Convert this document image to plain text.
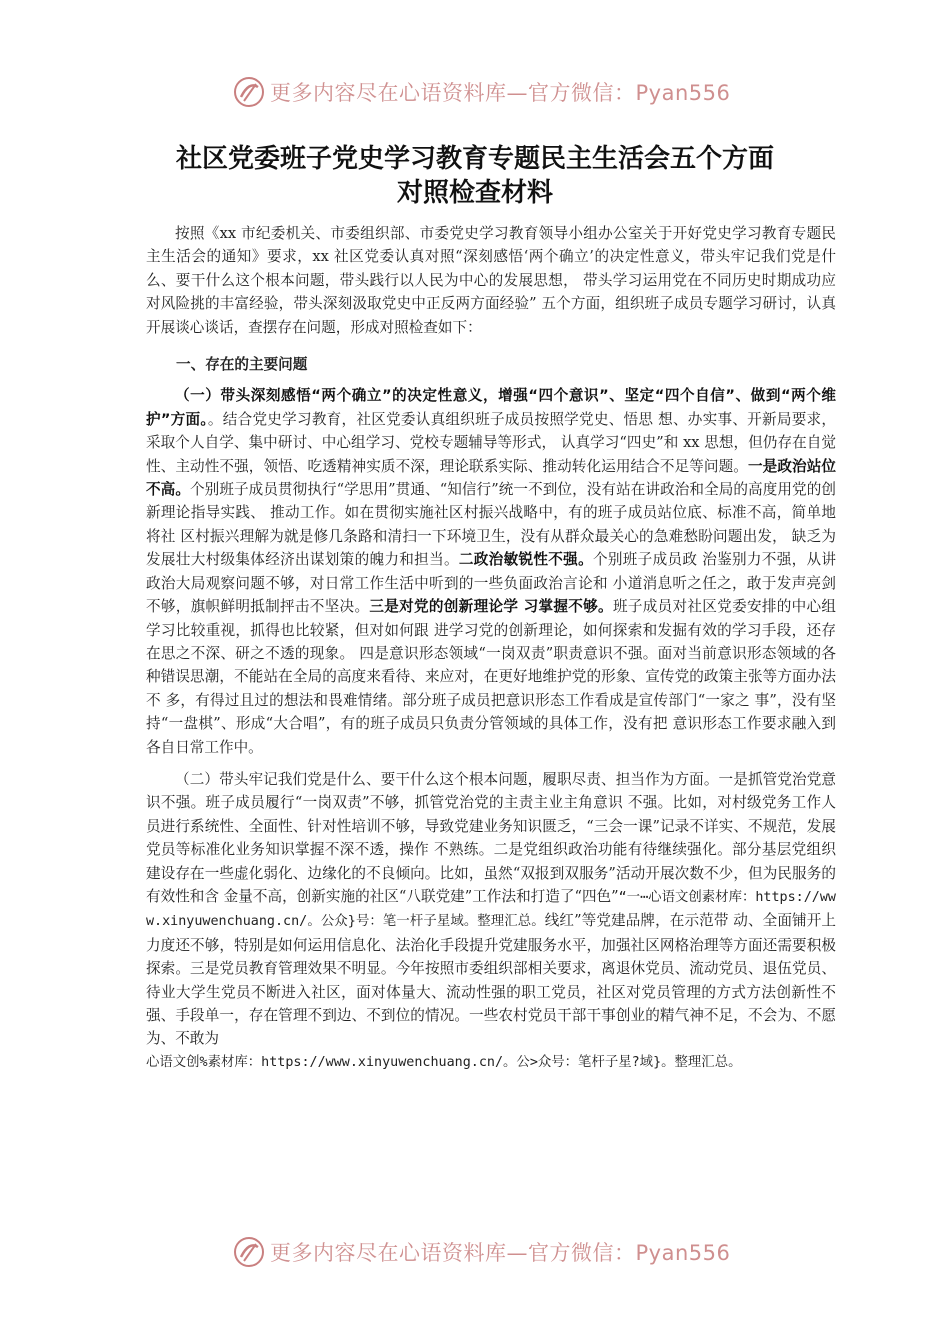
更多内容尽在心语资料库—官方微信：Pyan556
社区党委班子党史学习教育专题民主生活会五个方面
对照检查材料

按照《xx 市纪委机关、市委组织部、市委党史学习教育领导小组办公室关于开好党史学习教育专题民主生活会的通知》要求，xx 社区党委认真对照“深刻感悟‘两个确立’的决定性意义，带头牢记我们党是什么、要干什么这个根本问题，带头践行以人民为中心的发展思想， 带头学习运用党在不同历史时期成功应对风险挑的丰富经验，带头深刻汲取党史中正反两方面经验” 五个方面，组织班子成员专题学习研讨，认真开展谈心谈话，查摆存在问题，形成对照检查如下：

一、存在的主要问题

（一）带头深刻感悟“两个确立”的决定性意义，增强“四个意识”、坚定“四个自信”、做到“两个维护”方面。。结合党史学习教育，社区党委认真组织班子成员按照学党史、悟思 想、办实事、开新局要求，采取个人自学、集中研讨、中心组学习、党校专题辅导等形式， 认真学习“四史”和 xx 思想，但仍存在自觉性、主动性不强，领悟、吃透精神实质不深，理论联系实际、推动转化运用结合不足等问题。一是政治站位不高。个别班子成员贯彻执行“学思用”贯通、“知信行”统一不到位，没有站在讲政治和全局的高度用党的创新理论指导实践、 推动工作。如在贯彻实施社区村振兴战略中，有的班子成员站位底、标准不高，简单地将社 区村振兴理解为就是修几条路和清扫一下环境卫生，没有从群众最关心的急难愁盼问题出发， 缺乏为发展壮大村级集体经济出谋划策的魄力和担当。二政治敏锐性不强。个别班子成员政 治鉴别力不强，从讲政治大局观察问题不够，对日常工作生活中听到的一些负面政治言论和 小道消息听之任之，敢于发声亮剑不够，旗帜鲜明抵制抨击不坚决。三是对党的创新理论学 习掌握不够。班子成员对社区党委安排的中心组学习比较重视，抓得也比较紧，但对如何跟 进学习党的创新理论，如何探索和发掘有效的学习手段，还存在思之不深、研之不透的现象。 四是意识形态领域“一岗双责”职责意识不强。面对当前意识形态领域的各种错误思潮，不能站在全局的高度来看待、来应对，在更好地维护党的形象、宣传党的政策主张等方面办法不 多，有得过且过的想法和畏难情绪。部分班子成员把意识形态工作看成是宣传部门“一家之 事”，没有坚持“一盘棋”、形成“大合唱”，有的班子成员只负责分管领域的具体工作，没有把 意识形态工作要求融入到各自日常工作中。

（二）带头牢记我们党是什么、要干什么这个根本问题，履职尽责、担当作为方面。一是抓管党治党意识不强。班子成员履行“一岗双责”不够，抓管党治党的主责主业主角意识 不强。比如，对村级党务工作人员进行系统性、全面性、针对性培训不够，导致党建业务知识匮乏，“三会一课”记录不详实、不规范，发展党员等标准化业务知识掌握不深不透，操作 不熟练。二是党组织政治功能有待继续强化。部分基层党组织建设存在一些虚化弱化、边缘化的不良倾向。比如，虽然“双报到双服务”活动开展次数不少，但为民服务的有效性和含 金量不高，创新实施的社区“八联党建”工作法和打造了“四色”“一⋯心语文创素材库：https://www.xinyuwenchuang.cn/。公众}号：笔一杆子星域。整理汇总。线红”等党建品牌，在示范带 动、全面铺开上力度还不够，特别是如何运用信息化、法治化手段提升党建服务水平，加强社区网格治理等方面还需要积极探索。三是党员教育管理效果不明显。今年按照市委组织部相关要求，离退休党员、流动党员、退伍党员、待业大学生党员不断进入社区，面对体量大、流动性强的职工党员，社区对党员管理的方式方法创新性不强、手段单一，存在管理不到边、不到位的情况。一些农村党员干部干事创业的精气神不足，不会为、不愿为、不敢为

心语文创%素材库：https://www.xinyuwenchuang.cn/。公>众号：笔杆子星?域}。整理汇总。

更多内容尽在心语资料库—官方微信：Pyan556
